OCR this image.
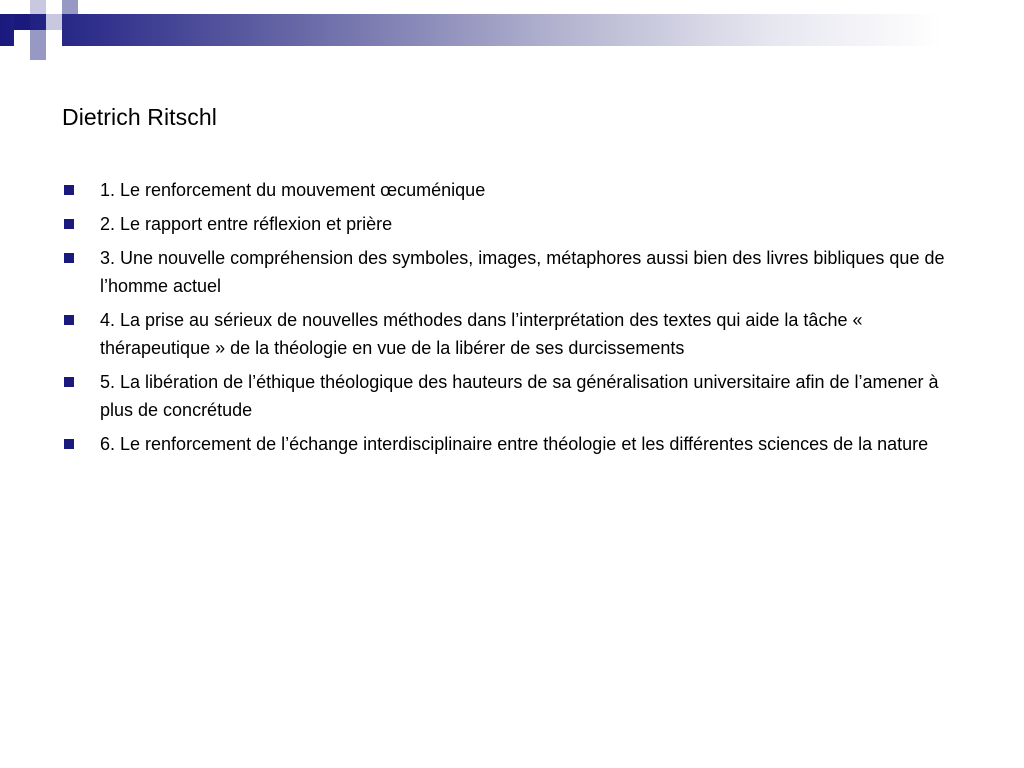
Dietrich Ritschl
1. Le renforcement du mouvement œcuménique
2. Le rapport entre réflexion et prière
3. Une nouvelle compréhension des symboles, images, métaphores aussi bien des livres bibliques que de l’homme actuel
4. La prise au sérieux de nouvelles méthodes dans l’interprétation des textes qui aide la tâche « thérapeutique » de la théologie en vue de la libérer de ses durcissements
5. La libération de l’éthique théologique des hauteurs de sa généralisation universitaire afin de l’amener à plus de concrétude
6. Le renforcement de l’échange interdisciplinaire entre théologie et les différentes sciences de la nature
